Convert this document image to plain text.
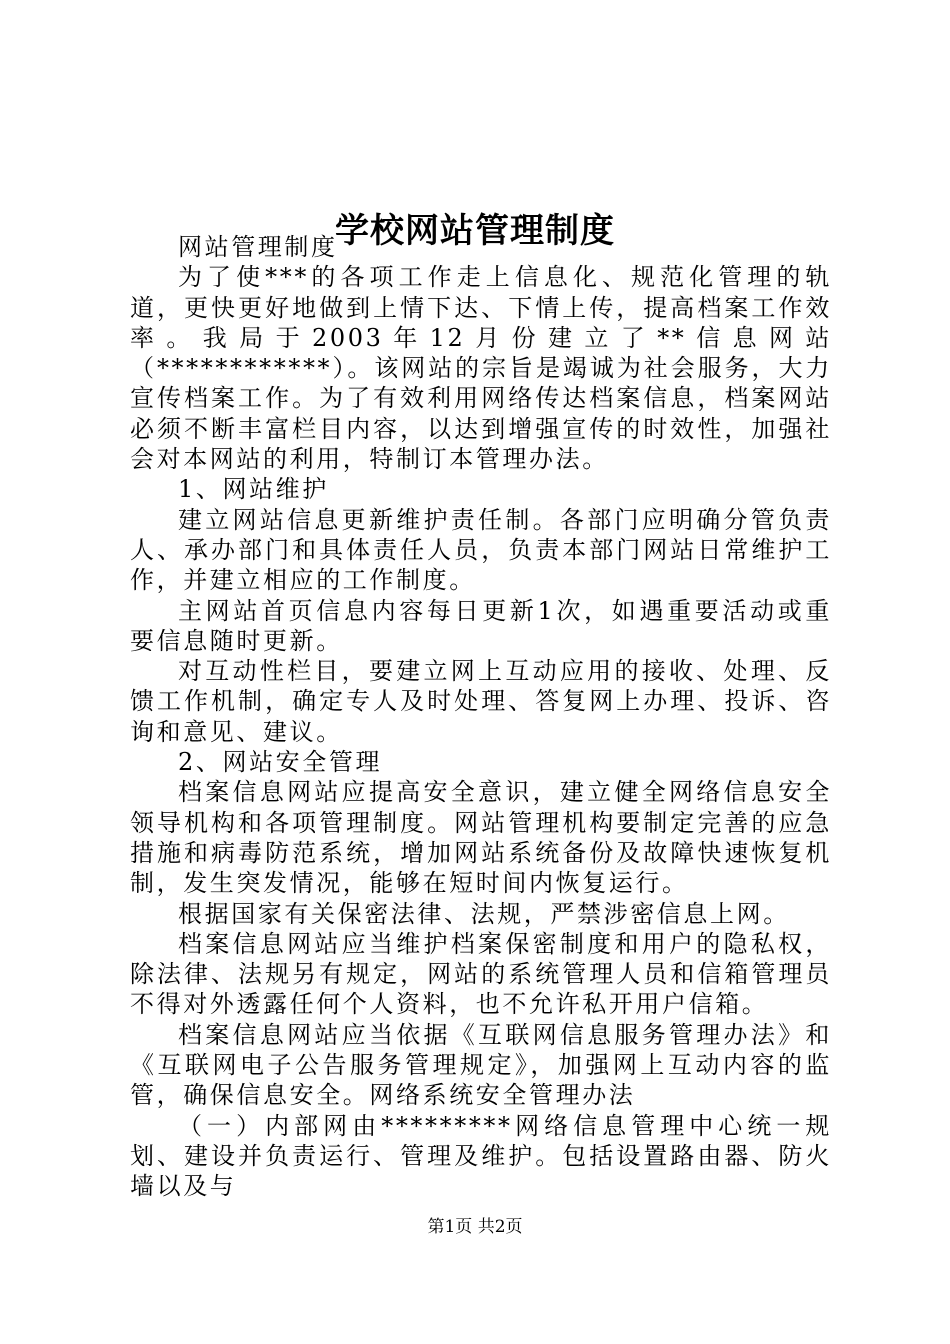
学校网站管理制度

网站管理制度

为了使***的各项工作走上信息化、规范化管理的轨道，更快更好地做到上情下达、下情上传，提高档案工作效率。我局于2003年12月份建立了**信息网站（************）。该网站的宗旨是竭诚为社会服务，大力宣传档案工作。为了有效利用网络传达档案信息，档案网站必须不断丰富栏目内容，以达到增强宣传的时效性，加强社会对本网站的利用，特制订本管理办法。

1、网站维护

建立网站信息更新维护责任制。各部门应明确分管负责人、承办部门和具体责任人员，负责本部门网站日常维护工作，并建立相应的工作制度。

主网站首页信息内容每日更新1次，如遇重要活动或重要信息随时更新。

对互动性栏目，要建立网上互动应用的接收、处理、反馈工作机制，确定专人及时处理、答复网上办理、投诉、咨询和意见、建议。

2、网站安全管理

档案信息网站应提高安全意识，建立健全网络信息安全领导机构和各项管理制度。网站管理机构要制定完善的应急措施和病毒防范系统，增加网站系统备份及故障快速恢复机制，发生突发情况，能够在短时间内恢复运行。

根据国家有关保密法律、法规，严禁涉密信息上网。

档案信息网站应当维护档案保密制度和用户的隐私权，除法律、法规另有规定，网站的系统管理人员和信箱管理员不得对外透露任何个人资料，也不允许私开用户信箱。

档案信息网站应当依据《互联网信息服务管理办法》和《互联网电子公告服务管理规定》，加强网上互动内容的监管，确保信息安全。网络系统安全管理办法

（一）内部网由*********网络信息管理中心统一规划、建设并负责运行、管理及维护。包括设置路由器、防火墙以及与

第1页 共2页
